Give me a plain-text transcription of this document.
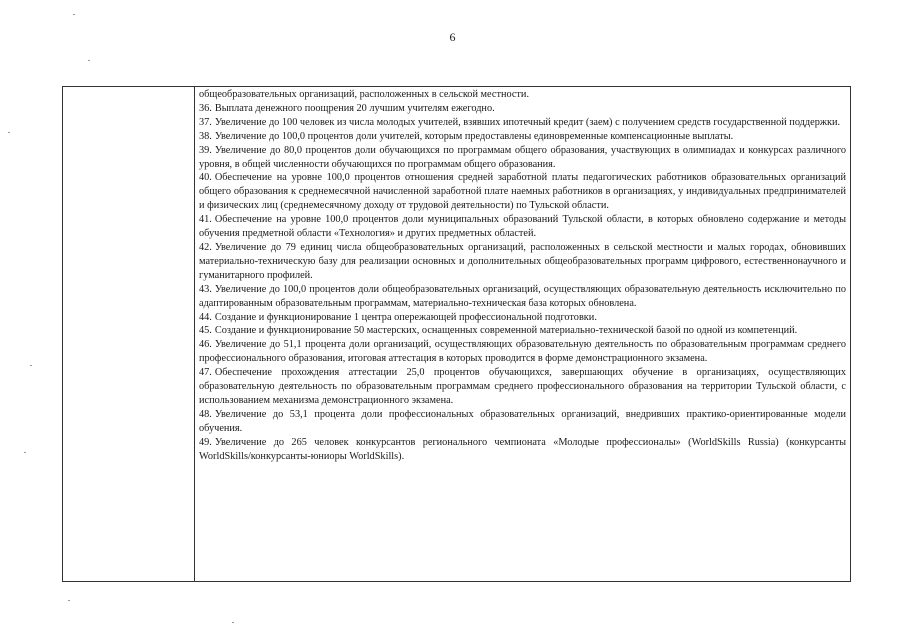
6

общеобразовательных организаций, расположенных в сельской местности.

36. Выплата денежного поощрения 20 лучшим учителям ежегодно.

37. Увеличение до 100 человек из числа молодых учителей, взявших ипотечный кредит (заем) с получением средств государственной поддержки.

38. Увеличение до 100,0 процентов доли учителей, которым предоставлены единовременные компенсационные выплаты.

39. Увеличение до 80,0 процентов доли обучающихся по программам общего образования, участвующих в олимпиадах и конкурсах различного уровня, в общей численности обучающихся по программам общего образования.

40. Обеспечение на уровне 100,0 процентов отношения средней заработной платы педагогических работников образовательных организаций общего образования к среднемесячной начисленной заработной плате наемных работников в организациях, у индивидуальных предпринимателей и физических лиц (среднемесячному доходу от трудовой деятельности) по Тульской области.

41. Обеспечение на уровне 100,0 процентов доли муниципальных образований Тульской области, в которых обновлено содержание и методы обучения предметной области «Технология» и других предметных областей.

42. Увеличение до 79 единиц числа общеобразовательных организаций, расположенных в сельской местности и малых городах, обновивших материально-техническую базу для реализации основных и дополнительных общеобразовательных программ цифрового, естественнонаучного и гуманитарного профилей.

43. Увеличение до 100,0 процентов доли общеобразовательных организаций, осуществляющих образовательную деятельность исключительно по адаптированным образовательным программам, материально-техническая база которых обновлена.

44. Создание и функционирование 1 центра опережающей профессиональной подготовки.

45. Создание и функционирование 50 мастерских, оснащенных современной материально-технической базой по одной из компетенций.

46. Увеличение до 51,1 процента доли организаций, осуществляющих образовательную деятельность по образовательным программам среднего профессионального образования, итоговая аттестация в которых проводится в форме демонстрационного экзамена.

47. Обеспечение прохождения аттестации 25,0 процентов обучающихся, завершающих обучение в организациях, осуществляющих образовательную деятельность по образовательным программам среднего профессионального образования на территории Тульской области, с использованием механизма демонстрационного экзамена.

48. Увеличение до 53,1 процента доли профессиональных образовательных организаций, внедривших практико-ориентированные модели обучения.

49. Увеличение до 265 человек конкурсантов регионального чемпионата «Молодые профессионалы» (WorldSkills Russia) (конкурсанты WorldSkills/конкурсанты-юниоры WorldSkills).
